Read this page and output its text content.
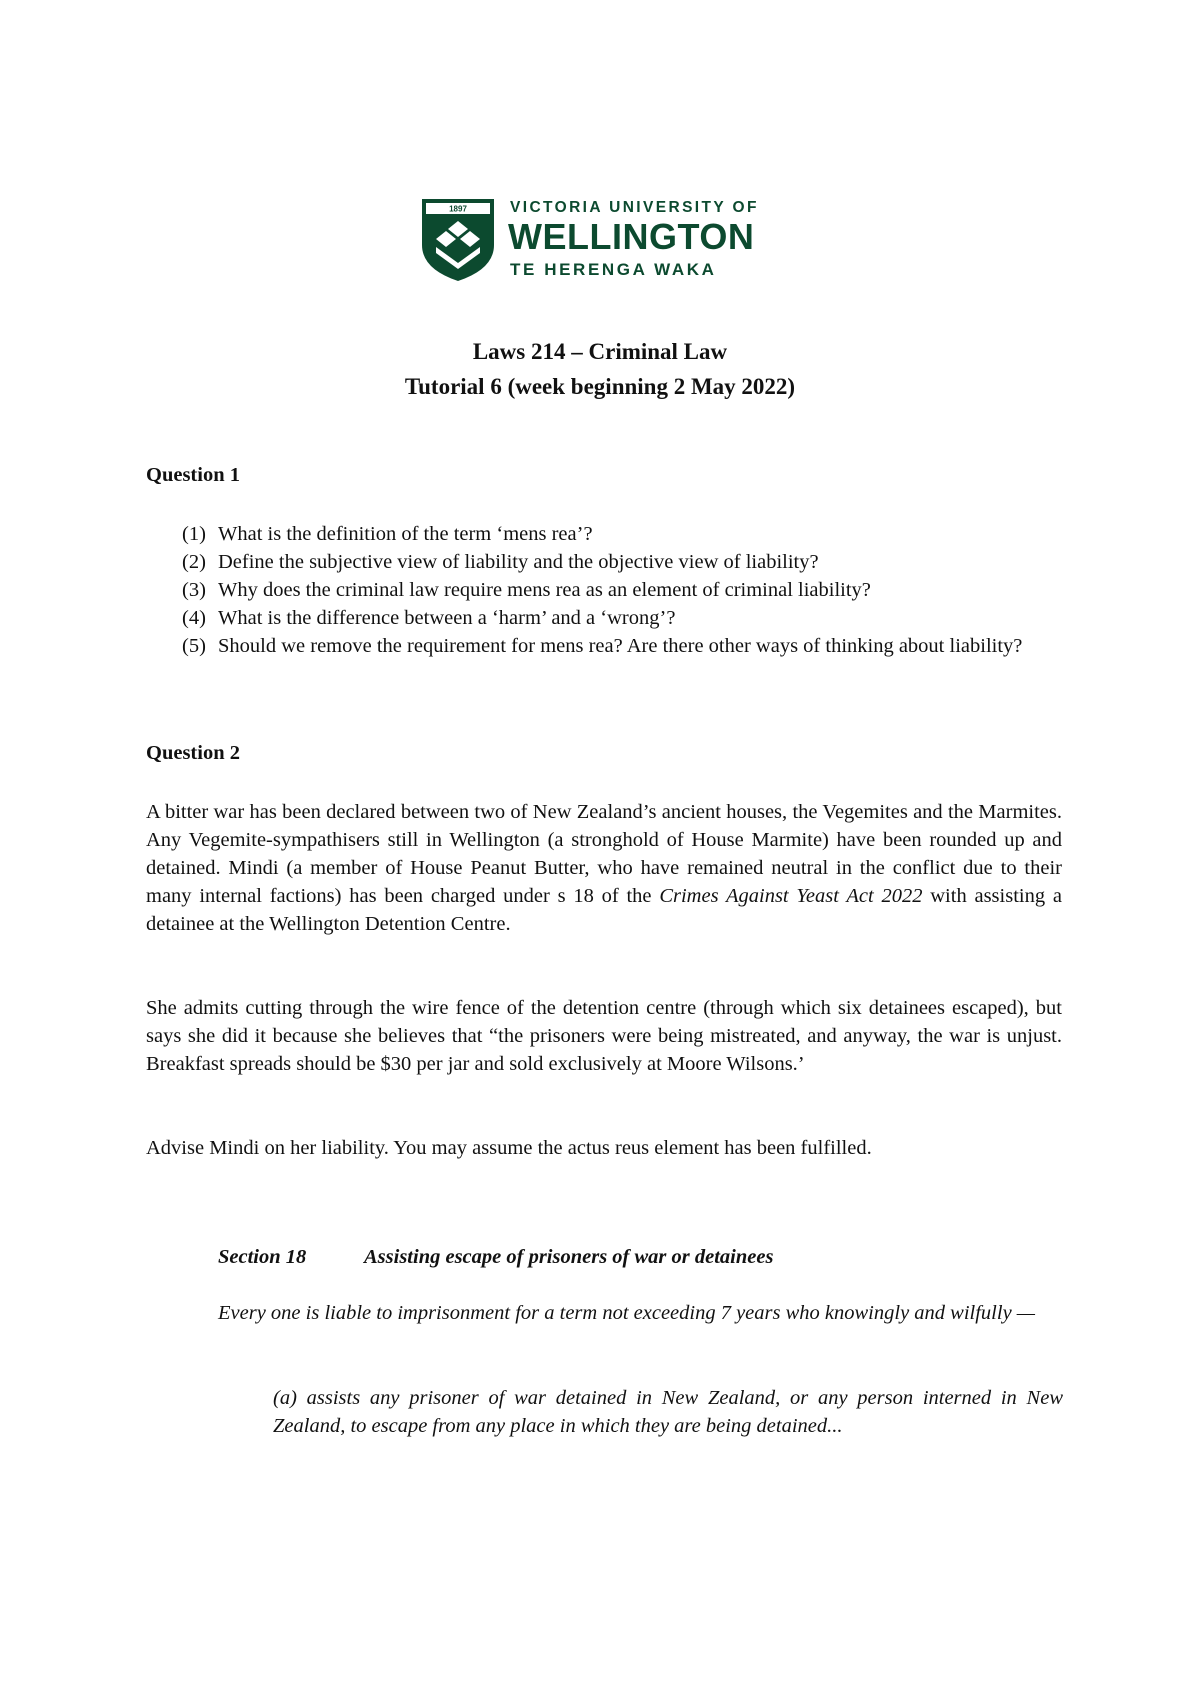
1897	VICTORIA UNIVERSITY OF
WELLINGTON
TE HERENGA WAKA
Laws 214 – Criminal Law
Tutorial 6 (week beginning 2 May 2022)
Question 1
(1) What is the definition of the term ‘mens rea’?
(2) Define the subjective view of liability and the objective view of liability?
(3) Why does the criminal law require mens rea as an element of criminal liability?
(4) What is the difference between a ‘harm’ and a ‘wrong’?
(5) Should we remove the requirement for mens rea? Are there other ways of thinking about liability?
Question 2
A bitter war has been declared between two of New Zealand’s ancient houses, the Vegemites and the Marmites. Any Vegemite-sympathisers still in Wellington (a stronghold of House Marmite) have been rounded up and detained. Mindi (a member of House Peanut Butter, who have remained neutral in the conflict due to their many internal factions) has been charged under s 18 of the Crimes Against Yeast Act 2022 with assisting a detainee at the Wellington Detention Centre.
She admits cutting through the wire fence of the detention centre (through which six detainees escaped), but says she did it because she believes that “the prisoners were being mistreated, and anyway, the war is unjust. Breakfast spreads should be $30 per jar and sold exclusively at Moore Wilsons.’
Advise Mindi on her liability. You may assume the actus reus element has been fulfilled.
Section 18	Assisting escape of prisoners of war or detainees
Every one is liable to imprisonment for a term not exceeding 7 years who knowingly and wilfully —
(a) assists any prisoner of war detained in New Zealand, or any person interned in New Zealand, to escape from any place in which they are being detained...
